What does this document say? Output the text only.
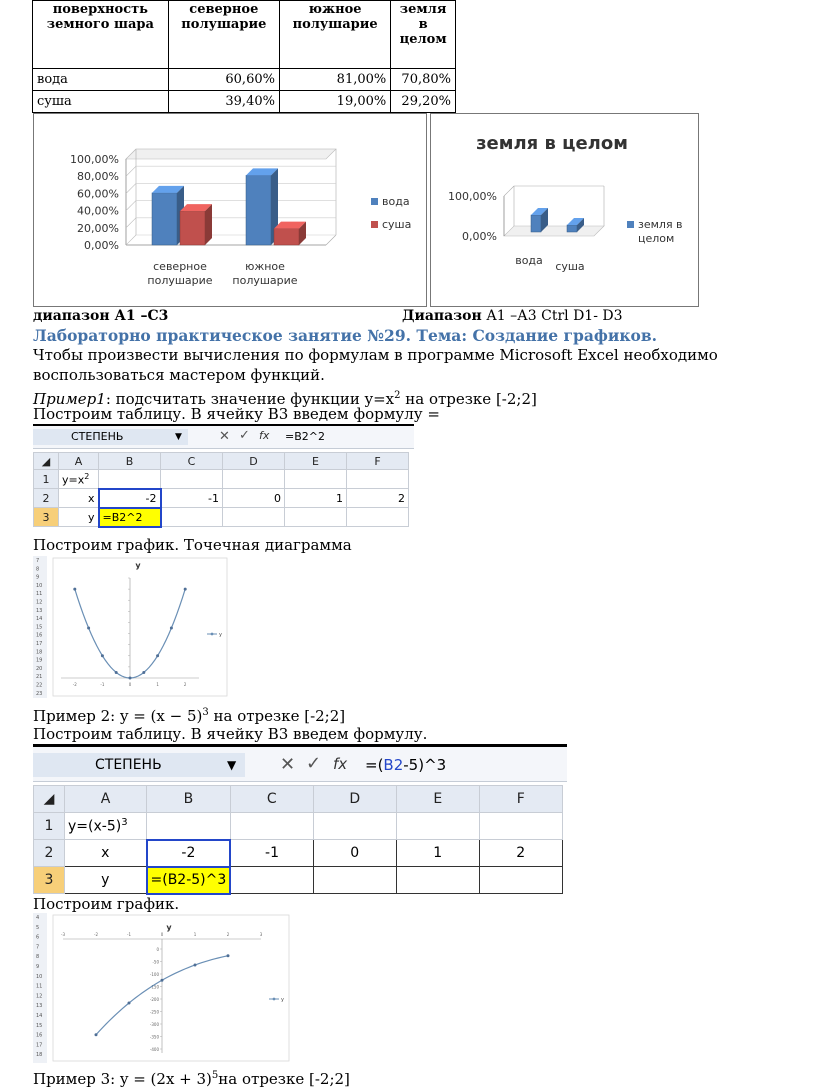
поверхность земного шара	северное полушарие	южное полушарие	земля в целом
вода	60,60%	81,00%	70,80%
суша	39,40%	19,00%	29,20%
100,00%
80,00%
60,00%
40,00%
20,00%
0,00%
северное
полушарие
южное
полушарие
вода
суша
земля в целом
100,00%
0,00%
вода суша
земля в
целом
диапазон А1 –С3	Диапазон А1 –А3 Ctrl D1- D3
Лабораторно практическое занятие №29. Тема: Создание графиков.
Чтобы произвести вычисления по формулам в программе Microsoft Excel необходимо
воспользоваться мастером функций.
Пример1: подсчитать значение функции $y=x^2$ на отрезке [-2;2]
Построим таблицу. В ячейку В3 введем формулу =
СТЕПЕНЬ	▼	✕ ✓ fx =B2^2
◢	A	B	C	D	E	F
1	$y=x^2$					
2	x	-2	-1	0	1	2
3	y	=B2^2				
Построим график. Точечная диаграмма
7
8
9
10
11
12
13
14
15
16
17
18
19
20
21
22
23
y
-2	-1	0	1	2
y
Пример 2: $y = (x - 5)^3$ на отрезке [-2;2]
Построим таблицу. В ячейку В3 введем формулу.
СТЕПЕНЬ	▼ ✕ ✓ fx =(B2-5)^3
◢	A	B	C	D	E	F
1	$y=(x-5)^3$					
2	x	-2	-1	0	1	2
3	y	=(B2-5)^3				
Построим график.
4
5
6
7
8
9
10
11
12
13
14
15
16
17
18
y
0
-50
-100
-150
-200
-250
-300
-350
-400
-3	-2	-1	0	1	2	3
y
Пример 3: $y = (2x + 3)^5на$ отрезке [-2;2]
